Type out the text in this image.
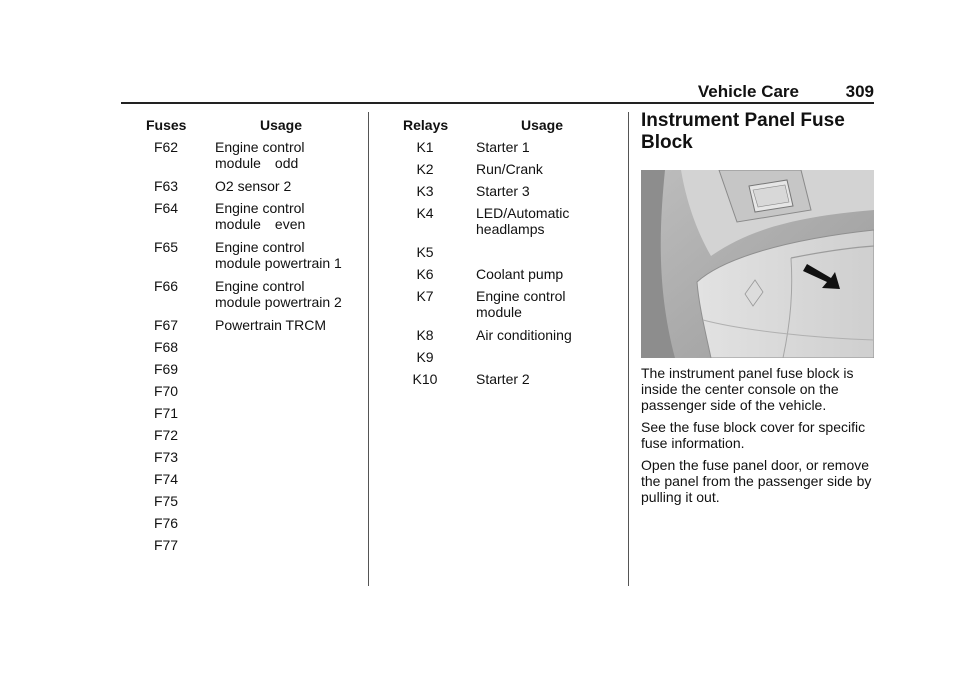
Vehicle Care	309
Fuses	Usage
F62	Engine control
module odd
F63	O2 sensor 2
F64	Engine control
module even
F65	Engine control
module powertrain 1
F66	Engine control
module powertrain 2
F67	Powertrain TRCM
F68
F69
F70
F71
F72
F73
F74
F75
F76
F77
Relays	Usage
K1	Starter 1
K2	Run/Crank
K3	Starter 3
K4	LED/Automatic
headlamps
K5
K6	Coolant pump
K7	Engine control
module
K8	Air conditioning
K9
K10	Starter 2
Instrument Panel Fuse Block

The instrument panel fuse block is inside the center console on the passenger side of the vehicle.

See the fuse block cover for specific fuse information.

Open the fuse panel door, or remove the panel from the passenger side by pulling it out.
